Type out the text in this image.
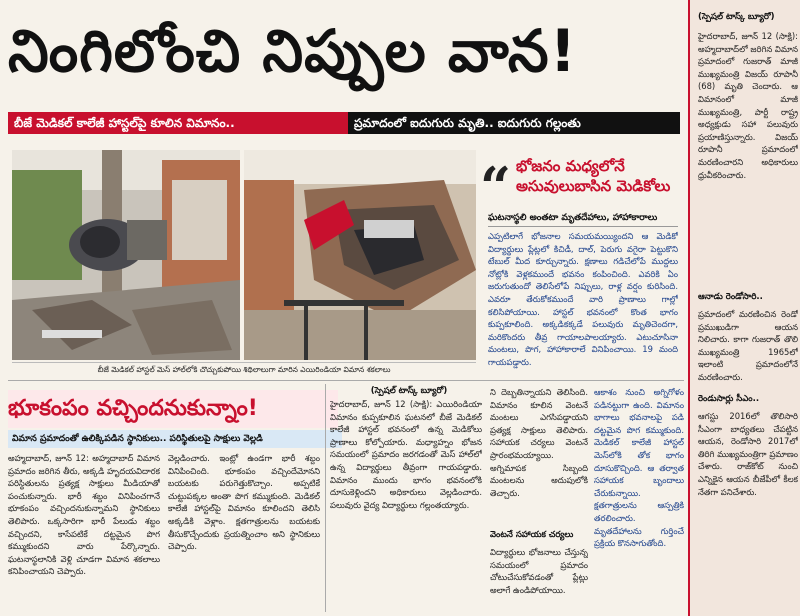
నింగిలోంచి నిప్పుల వాన!
బీజే మెడికల్ కాలేజీ హాస్టల్‌పై కూలిన విమానం..	ప్రమాదంలో ఐదుగురు మృతి.. ఐదుగురు గల్లంతు
బీజే మెడికల్ హాస్టల్ మెస్ హాల్‌లోకి చొచ్చుకుపోయి శిథిలాలుగా మారిన ఎయిరిండియా విమాన శకలాలు
“ భోజనం మధ్యలోనే అసువులుబాసిన మెడికోలు
ఘటనాస్థలి అంతటా మృతదేహాలు, హాహాకారాలు
ఎప్పటిలాగే భోజనాల సమయమయ్యిందని ఆ మెడికో విద్యార్థులు ప్లేట్లలో కిచిడీ, దాల్, పెరుగు వగైరా పెట్టుకొని టేబుల్ మీద కూర్చున్నారు. క్షణాలు గడిచేలోపే ముద్దలు నోట్లోకి వెళ్లకముందే భవనం కంపించింది. ఎవరికి ఏం జరుగుతుందో తెలిసేలోపే నిప్పులు, రాళ్ల వర్షం కురిసింది. ఎవరూ తేరుకోకముందే వారి ప్రాణాలు గాల్లో కలిసిపోయాయి. హాస్టల్ భవనంలో కొంత భాగం కుప్పకూలింది. అక్కడికక్కడే పలువురు మృతిచెందగా, మరికొందరు తీవ్ర గాయాలపాలయ్యారు. ఎటుచూసినా మంటలు, పొగ, హాహాకారాలే వినిపించాయి. 19 మంది గాయపడ్డారు.
భూకంపం వచ్చిందనుకున్నాం!
విమాన ప్రమాదంతో ఉలిక్కిపడిన స్థానికులు.. పరిస్థితులపై సాక్షులు వెల్లడి
అహ్మదాబాద్, జూన్ 12: అహ్మదాబాద్ విమాన ప్రమాదం జరిగిన తీరు, అక్కడి హృదయవిదారక పరిస్థితులను ప్రత్యక్ష సాక్షులు మీడియాతో పంచుకున్నారు. భారీ శబ్దం వినిపించగానే భూకంపం వచ్చిందనుకున్నామని స్థానికులు తెలిపారు. ఒక్కసారిగా భారీ పేలుడు శబ్దం వచ్చిందని, కాసేపటికే దట్టమైన పొగ కమ్ముకుందని వారు పేర్కొన్నారు. ఘటనాస్థలానికి వెళ్లి చూడగా విమాన శకలాలు కనిపించాయని చెప్పారు.
వెల్లడించారు. ఇంట్లో ఉండగా భారీ శబ్దం వినిపించింది. భూకంపం వచ్చిందేమోనని బయటకు పరుగెత్తుకొచ్చాం. అప్పటికే చుట్టుపక్కల అంతా పొగ కమ్ముకుంది. మెడికల్ కాలేజీ హాస్టల్‌పై విమానం కూలిందని తెలిసి అక్కడికి వెళ్లాం. క్షతగాత్రులను బయటకు తీసుకొచ్చేందుకు ప్రయత్నించాం అని స్థానికులు చెప్పారు.
(స్పెషల్ టాస్క్ బ్యూరో)
హైదరాబాద్, జూన్ 12 (సాక్షి): ఎయిరిండియా విమానం కుప్పకూలిన ఘటనలో బీజే మెడికల్ కాలేజీ హాస్టల్ భవనంలో ఉన్న మెడికోలు ప్రాణాలు కోల్పోయారు. మధ్యాహ్నం భోజన సమయంలో ప్రమాదం జరగడంతో మెస్ హాల్‌లో ఉన్న విద్యార్థులు తీవ్రంగా గాయపడ్డారు. విమానం ముందు భాగం భవనంలోకి దూసుకెళ్లిందని అధికారులు వెల్లడించారు. పలువురు వైద్య విద్యార్థులు గల్లంతయ్యారు.
ని దెబ్బతిన్నాయని తెలిసింది. విమానం కూలిన వెంటనే మంటలు ఎగసిపడ్డాయని ప్రత్యక్ష సాక్షులు తెలిపారు. సహాయక చర్యలు వెంటనే ప్రారంభమయ్యాయి. అగ్నిమాపక సిబ్బంది మంటలను అదుపులోకి తెచ్చారు.
వెంటనే సహాయక చర్యలు
విద్యార్థులు భోజనాలు చేస్తున్న సమయంలో ప్రమాదం చోటుచేసుకోవడంతో ప్లేట్లు అలాగే ఉండిపోయాయి.
ఆకాశం నుంచి అగ్నిగోళం పడినట్టుగా ఉంది. విమానం భాగాలు భవనాలపై పడి దట్టమైన పొగ కమ్ముకుంది. మెడికల్ కాలేజీ హాస్టల్ మెస్‌లోకి తోక భాగం దూసుకొచ్చింది. ఆ తర్వాత సహాయక బృందాలు చేరుకున్నాయి. క్షతగాత్రులను ఆస్పత్రికి తరలించారు. మృతదేహాలను గుర్తించే ప్రక్రియ కొనసాగుతోంది.
(స్పెషల్ టాస్క్ బ్యూరో)
హైదరాబాద్, జూన్ 12 (సాక్షి): అహ్మదాబాద్‌లో జరిగిన విమాన ప్రమాదంలో గుజరాత్ మాజీ ముఖ్యమంత్రి విజయ్ రూపానీ (68) మృతి చెందారు. ఆ విమానంలో మాజీ ముఖ్యమంత్రి, పార్టీ రాష్ట్ర అధ్యక్షుడు సహా పలువురు ప్రయాణిస్తున్నారు. విజయ్ రూపానీ ప్రమాదంలో మరణించారని అధికారులు ధ్రువీకరించారు.
ఆనాడు రెండోసారి..
ప్రమాదంలో మరణించిన రెండో ప్రముఖుడిగా ఆయన నిలిచారు. కాగా గుజరాత్ తొలి ముఖ్యమంత్రి 1965లో ఇలాంటి ప్రమాదంలోనే మరణించారు.
రెండుసార్లు సీఎం..
ఆగస్టు 2016లో తొలిసారి సీఎంగా బాధ్యతలు చేపట్టిన ఆయన, రెండోసారి 2017లో తిరిగి ముఖ్యమంత్రిగా ప్రమాణం చేశారు. రాజ్‌కోట్ నుంచి ఎన్నికైన ఆయన బీజేపీలో కీలక నేతగా పనిచేశారు.
